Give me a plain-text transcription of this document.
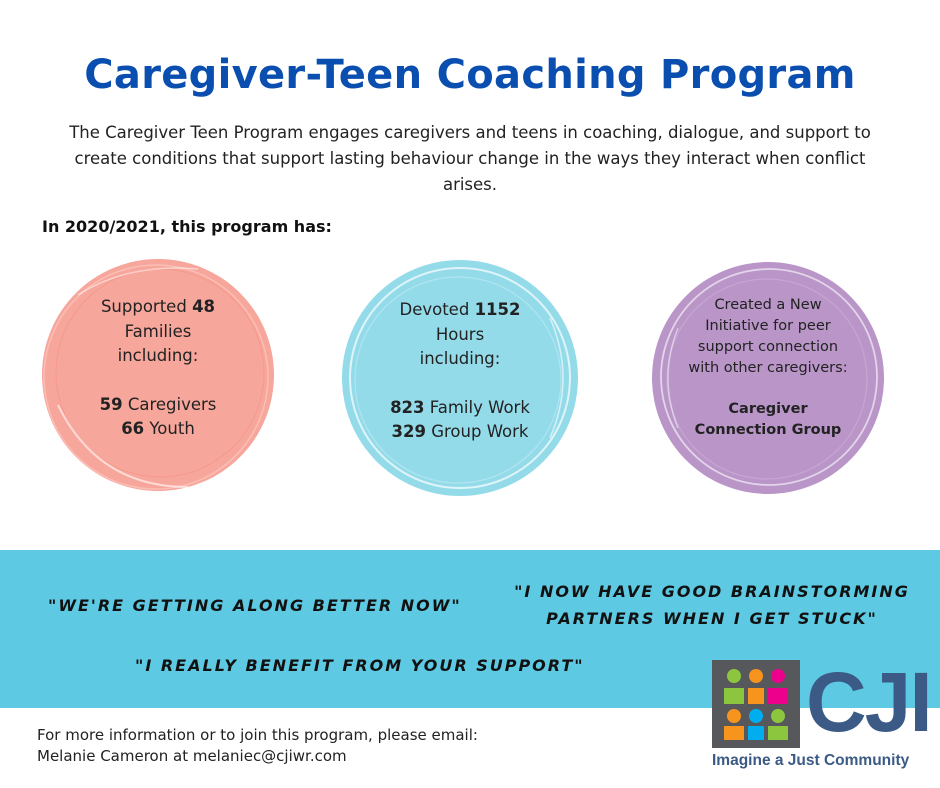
Caregiver-Teen Coaching Program
The Caregiver Teen Program engages caregivers and teens in coaching, dialogue, and support to create conditions that support lasting behaviour change in the ways they interact when conflict arises.
In 2020/2021, this program has:
Supported 48
Families
including:
59 Caregivers
66 Youth
Devoted 1152
Hours
including:
823 Family Work
329 Group Work
Created a New
Initiative for peer
support connection
with other caregivers:
Caregiver
Connection Group
"WE'RE GETTING ALONG BETTER NOW"
"I NOW HAVE GOOD BRAINSTORMING
PARTNERS WHEN I GET STUCK"
"I REALLY BENEFIT FROM YOUR SUPPORT"
For more information or to join this program, please email:
Melanie Cameron at melaniec@cjiwr.com
CJI
Imagine a Just Community
